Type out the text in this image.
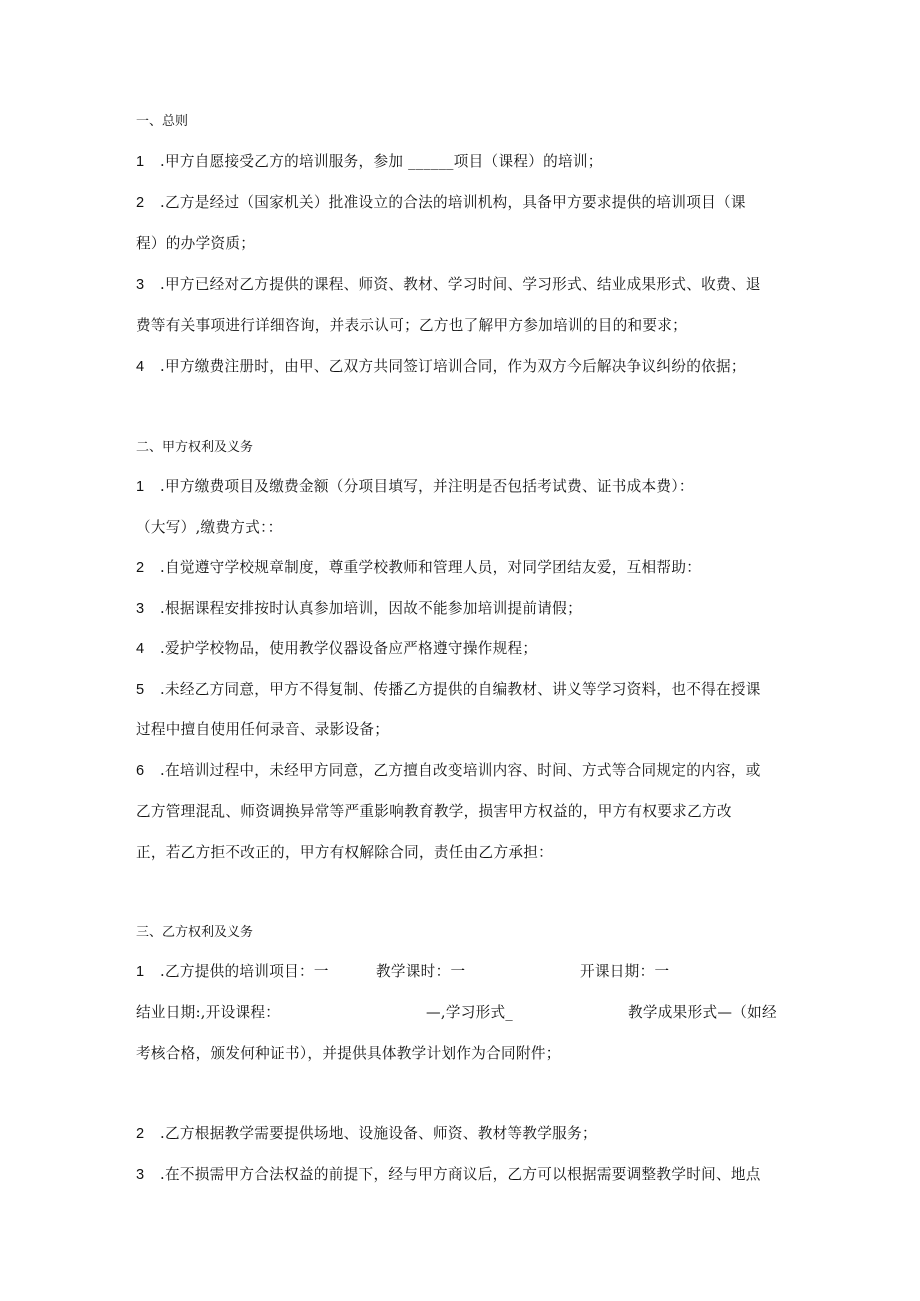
一、总则
1 .甲方自愿接受乙方的培训服务，参加 ______项目（课程）的培训；
2 .乙方是经过（国家机关）批准设立的合法的培训机构，具备甲方要求提供的培训项目（课
程）的办学资质；
3 .甲方已经对乙方提供的课程、师资、教材、学习时间、学习形式、结业成果形式、收费、退
费等有关事项进行详细咨询，并表示认可；乙方也了解甲方参加培训的目的和要求；
4 .甲方缴费注册时，由甲、乙双方共同签订培训合同，作为双方今后解决争议纠纷的依据；
二、甲方权利及义务
1 .甲方缴费项目及缴费金额（分项目填写，并注明是否包括考试费、证书成本费）：
（大写）,缴费方式：：
2 .自觉遵守学校规章制度，尊重学校教师和管理人员，对同学团结友爱，互相帮助：
3 .根据课程安排按时认真参加培训，因故不能参加培训提前请假；
4 .爱护学校物品，使用教学仪器设备应严格遵守操作规程；
5 .未经乙方同意，甲方不得复制、传播乙方提供的自编教材、讲义等学习资料，也不得在授课
过程中擅自使用任何录音、录影设备；
6 .在培训过程中，未经甲方同意，乙方擅自改变培训内容、时间、方式等合同规定的内容，或
乙方管理混乱、师资调换异常等严重影响教育教学，损害甲方权益的，甲方有权要求乙方改
正，若乙方拒不改正的，甲方有权解除合同，责任由乙方承担：
三、乙方权利及义务
1 .乙方提供的培训项目：一	教学课时：一	开课日期：一
结业日期:,开设课程：	—,学习形式_	教学成果形式—（如经
考核合格，颁发何种证书），并提供具体教学计划作为合同附件；
2 .乙方根据教学需要提供场地、设施设备、师资、教材等教学服务；
3 .在不损需甲方合法权益的前提下，经与甲方商议后，乙方可以根据需要调整教学时间、地点
